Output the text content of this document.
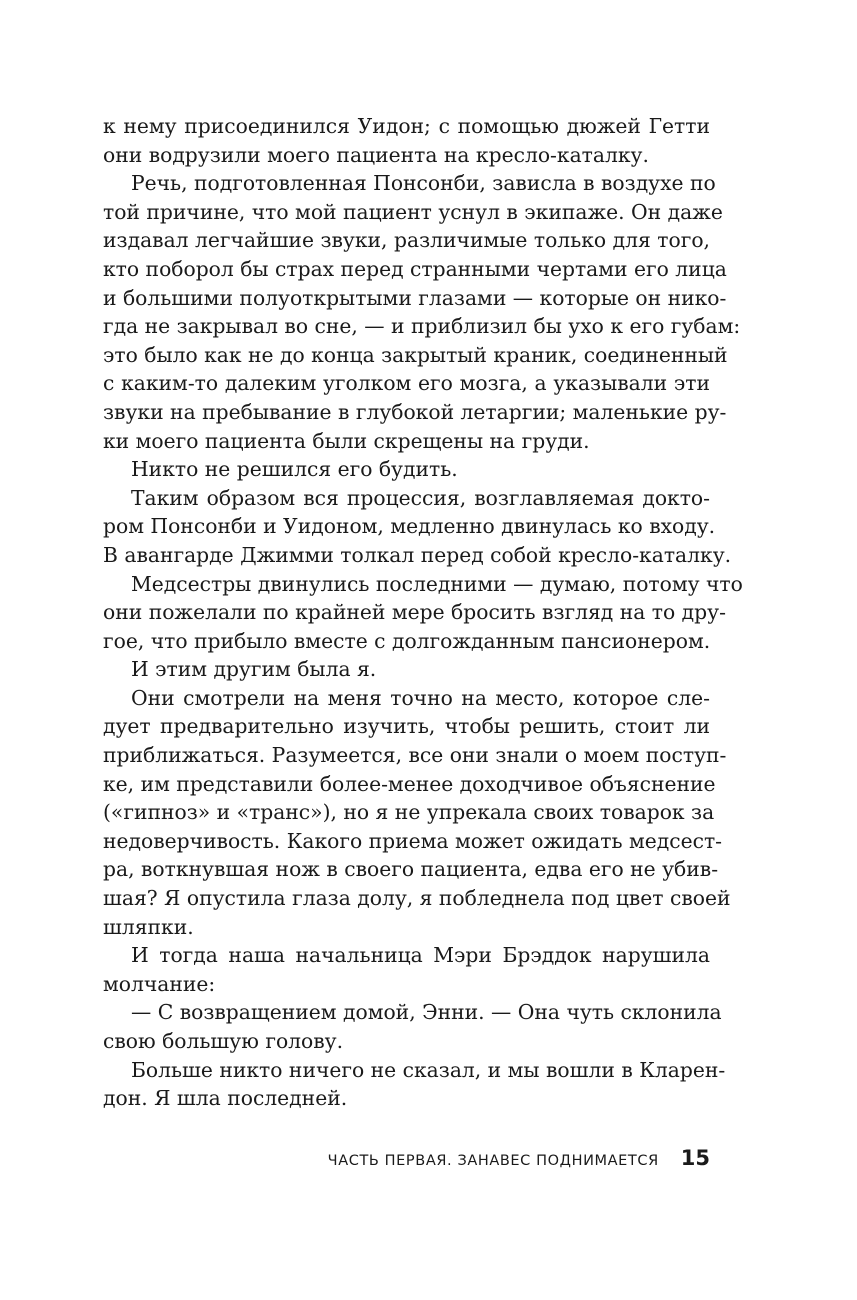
к нему присоединился Уидон; с помощью дюжей Гетти
они водрузили моего пациента на кресло-каталку.
Речь, подготовленная Понсонби, зависла в воздухе по
той причине, что мой пациент уснул в экипаже. Он даже
издавал легчайшие звуки, различимые только для того,
кто поборол бы страх перед странными чертами его лица
и большими полуоткрытыми глазами — которые он нико-
гда не закрывал во сне, — и приблизил бы ухо к его губам:
это было как не до конца закрытый краник, соединенный
с каким-то далеким уголком его мозга, а указывали эти
звуки на пребывание в глубокой летаргии; маленькие ру-
ки моего пациента были скрещены на груди.
Никто не решился его будить.
Таким образом вся процессия, возглавляемая докто-
ром Понсонби и Уидоном, медленно двинулась ко входу.
В авангарде Джимми толкал перед собой кресло-каталку.
Медсестры двинулись последними — думаю, потому что
они пожелали по крайней мере бросить взгляд на то дру-
гое, что прибыло вместе с долгожданным пансионером.
И этим другим была я.
Они смотрели на меня точно на место, которое сле-
дует предварительно изучить, чтобы решить, стоит ли
приближаться. Разумеется, все они знали о моем поступ-
ке, им представили более-менее доходчивое объяснение
(«гипноз» и «транс»), но я не упрекала своих товарок за
недоверчивость. Какого приема может ожидать медсест-
ра, воткнувшая нож в своего пациента, едва его не убив-
шая? Я опустила глаза долу, я побледнела под цвет своей
шляпки.
И тогда наша начальница Мэри Брэддок нарушила
молчание:
— С возвращением домой, Энни. — Она чуть склонила
свою большую голову.
Больше никто ничего не сказал, и мы вошли в Кларен-
дон. Я шла последней.
ЧАСТЬ ПЕРВАЯ. ЗАНАВЕС ПОДНИМАЕТСЯ 15
